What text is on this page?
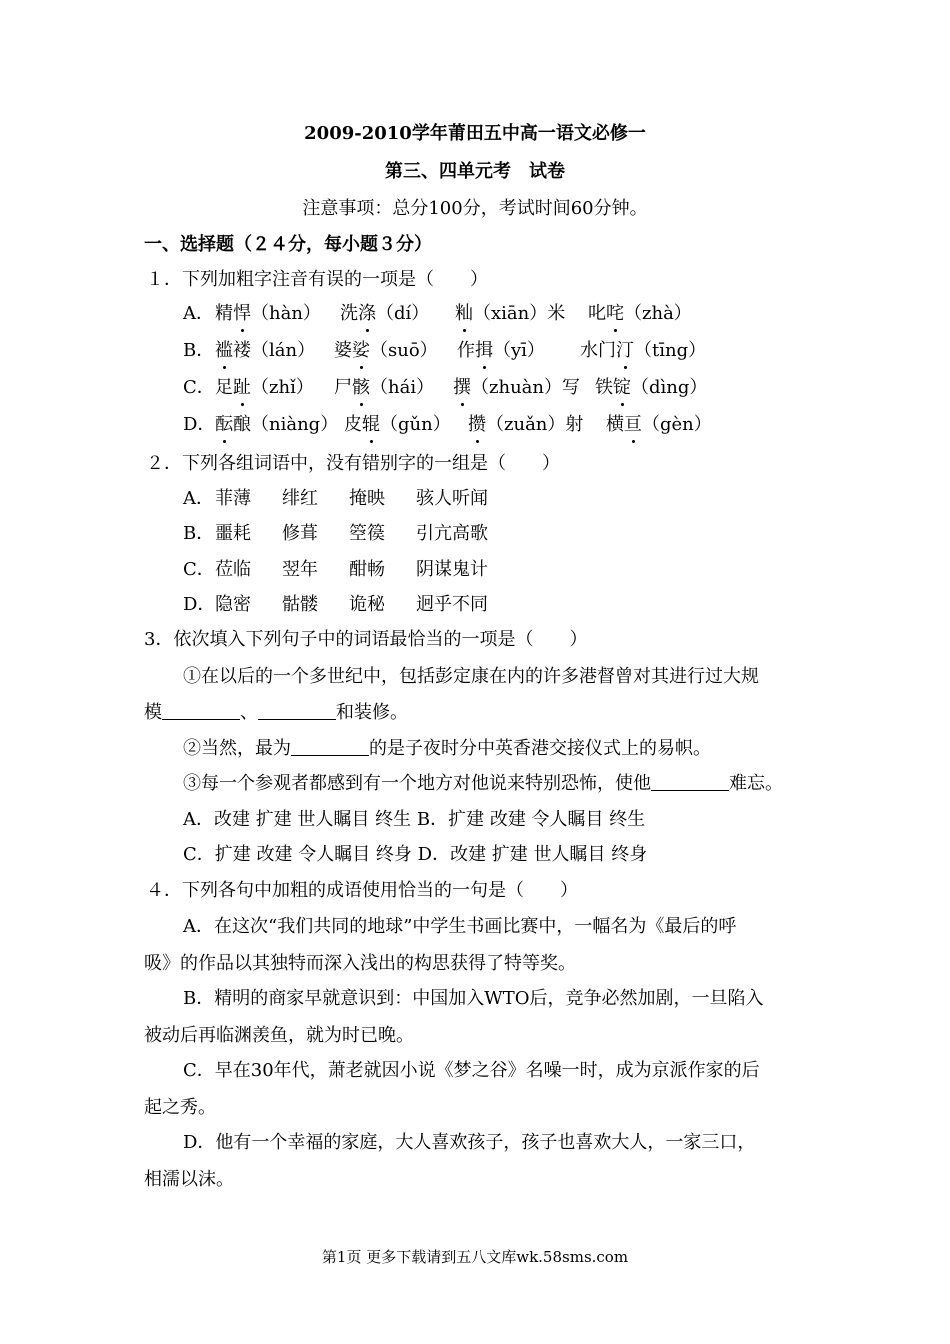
2009-2010学年莆田五中高一语文必修一
第三、四单元考　试卷
注意事项：总分100分，考试时间60分钟。
一、选择题（２４分，每小题３分）
１．下列加粗字注音有误的一项是（　　）
A． 精悍（hàn） 洗涤（dí） 籼（xiān）米 叱咤（zhà）
B． 褴褛（lán） 婆娑（suō） 作揖（yī） 水门汀（tīng）
C． 足趾（zhǐ） 尸骸（hái） 撰（zhuàn）写 铁锭（dìng）
D． 酝酿（niàng） 皮辊（gǔn） 攒（zuǎn）射 横亘（gèn）
２．下列各组词语中，没有错别字的一组是（　　）
A． 菲薄 绯红 掩映 骇人听闻
B． 噩耗 修葺 箜篌 引亢高歌
C． 莅临 翌年 酣畅 阴谋鬼计
D． 隐密 骷髅 诡秘 迥乎不同
3．依次填入下列句子中的词语最恰当的一项是（　　）
①在以后的一个多世纪中，包括彭定康在内的许多港督曾对其进行过大规
模	、	和装修。
②当然，最为	的是子夜时分中英香港交接仪式上的易帜。
③每一个参观者都感到有一个地方对他说来特别恐怖，使他	难忘。
A．改建 扩建 世人瞩目 终生 B．扩建 改建 令人瞩目 终生
C．扩建 改建 令人瞩目 终身 D．改建 扩建 世人瞩目 终身
４．下列各句中加粗的成语使用恰当的一句是（　　）
A．在这次“我们共同的地球”中学生书画比赛中，一幅名为《最后的呼
吸》的作品以其独特而深入浅出的构思获得了特等奖。
B．精明的商家早就意识到：中国加入WTO后，竞争必然加剧，一旦陷入
被动后再临渊羡鱼，就为时已晚。
C．早在30年代，萧老就因小说《梦之谷》名噪一时，成为京派作家的后
起之秀。
D．他有一个幸福的家庭，大人喜欢孩子，孩子也喜欢大人，一家三口，
相濡以沫。
第1页 更多下载请到五八文库wk.58sms.com
